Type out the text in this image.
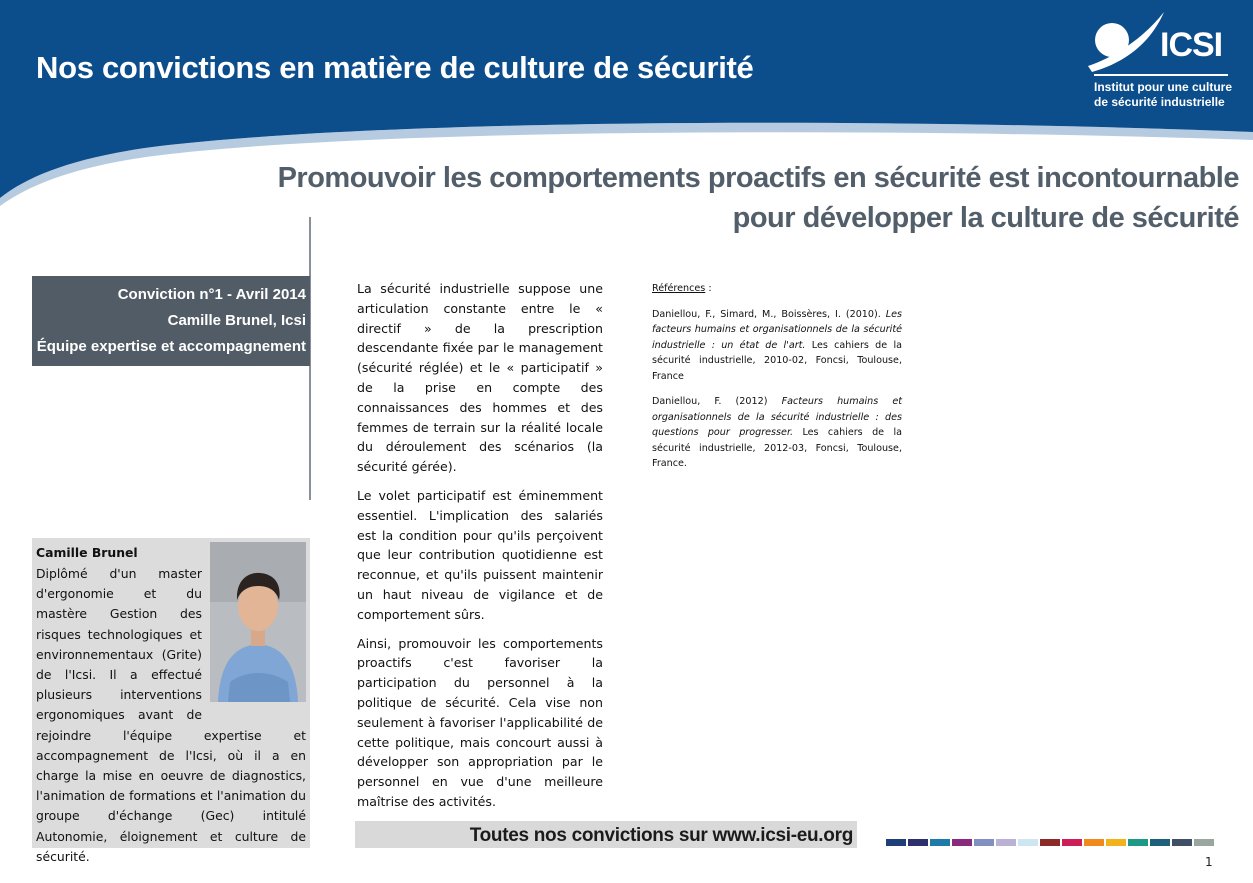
Nos convictions en matière de culture de sécurité
ICSI
Institut pour une culture
de sécurité industrielle
Promouvoir les comportements proactifs en sécurité est incontournable
pour développer la culture de sécurité
Conviction n°1 - Avril 2014
Camille Brunel, Icsi
Équipe expertise et accompagnement
Camille Brunel
Diplômé d'un master d'ergonomie et du mastère Gestion des risques technologiques et environnementaux (Grite) de l'Icsi. Il a effectué plusieurs interventions ergonomiques avant de rejoindre l'équipe expertise et accompagnement de l'Icsi, où il a en charge la mise en oeuvre de diagnostics, l'animation de formations et l'animation du groupe d'échange (Gec) intitulé Autonomie, éloignement et culture de sécurité.

La sécurité industrielle suppose une articulation constante entre le « directif » de la prescription descendante fixée par le management (sécurité réglée) et le « participatif » de la prise en compte des connaissances des hommes et des femmes de terrain sur la réalité locale du déroulement des scénarios (la sécurité gérée).

Le volet participatif est éminemment essentiel. L'implication des salariés est la condition pour qu'ils perçoivent que leur contribution quotidienne est reconnue, et qu'ils puissent maintenir un haut niveau de vigilance et de comportement sûrs.

Ainsi, promouvoir les comportements proactifs c'est favoriser la participation du personnel à la politique de sécurité. Cela vise non seulement à favoriser l'applicabilité de cette politique, mais concourt aussi à développer son appropriation par le personnel en vue d'une meilleure maîtrise des activités.

Références :
Daniellou, F., Simard, M., Boissères, I. (2010). Les facteurs humains et organisationnels de la sécurité industrielle : un état de l'art. Les cahiers de la sécurité industrielle, 2010-02, Foncsi, Toulouse, France
Daniellou, F. (2012) Facteurs humains et organisationnels de la sécurité industrielle : des questions pour progresser. Les cahiers de la sécurité industrielle, 2012-03, Foncsi, Toulouse, France.
Toutes nos convictions sur www.icsi-eu.org
1
